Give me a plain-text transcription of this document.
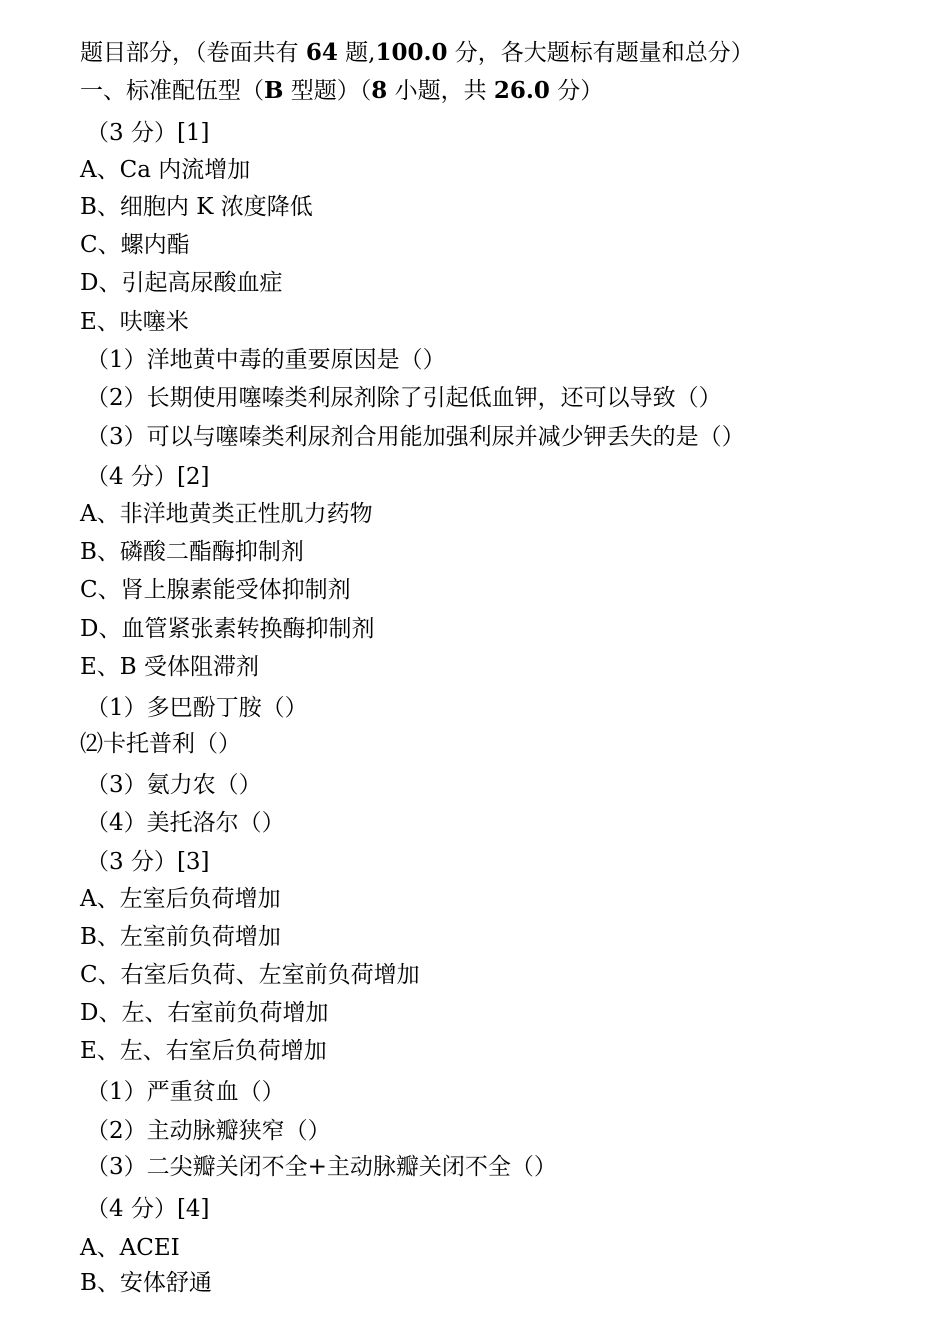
题目部分，（卷面共有 64 题,100.0 分，各大题标有题量和总分）
一、标准配伍型（B 型题）（8 小题，共 26.0 分）
（3 分）[1]
A、Ca 内流增加
B、细胞内 K 浓度降低
C、螺内酯
D、引起高尿酸血症
E、呋噻米
（1）洋地黄中毒的重要原因是（）
（2）长期使用噻嗪类利尿剂除了引起低血钾，还可以导致（）
（3）可以与噻嗪类利尿剂合用能加强利尿并减少钾丢失的是（）
（4 分）[2]
A、非洋地黄类正性肌力药物
B、磷酸二酯酶抑制剂
C、肾上腺素能受体抑制剂
D、血管紧张素转换酶抑制剂
E、Β 受体阻滞剂
（1）多巴酚丁胺（）
⑵卡托普利（）
（3）氨力农（）
（4）美托洛尔（）
（3 分）[3]
A、左室后负荷增加
B、左室前负荷增加
C、右室后负荷、左室前负荷增加
D、左、右室前负荷增加
E、左、右室后负荷增加
（1）严重贫血（）
（2）主动脉瓣狭窄（）
（3）二尖瓣关闭不全+主动脉瓣关闭不全（）
（4 分）[4]
A、ACEI
B、安体舒通
